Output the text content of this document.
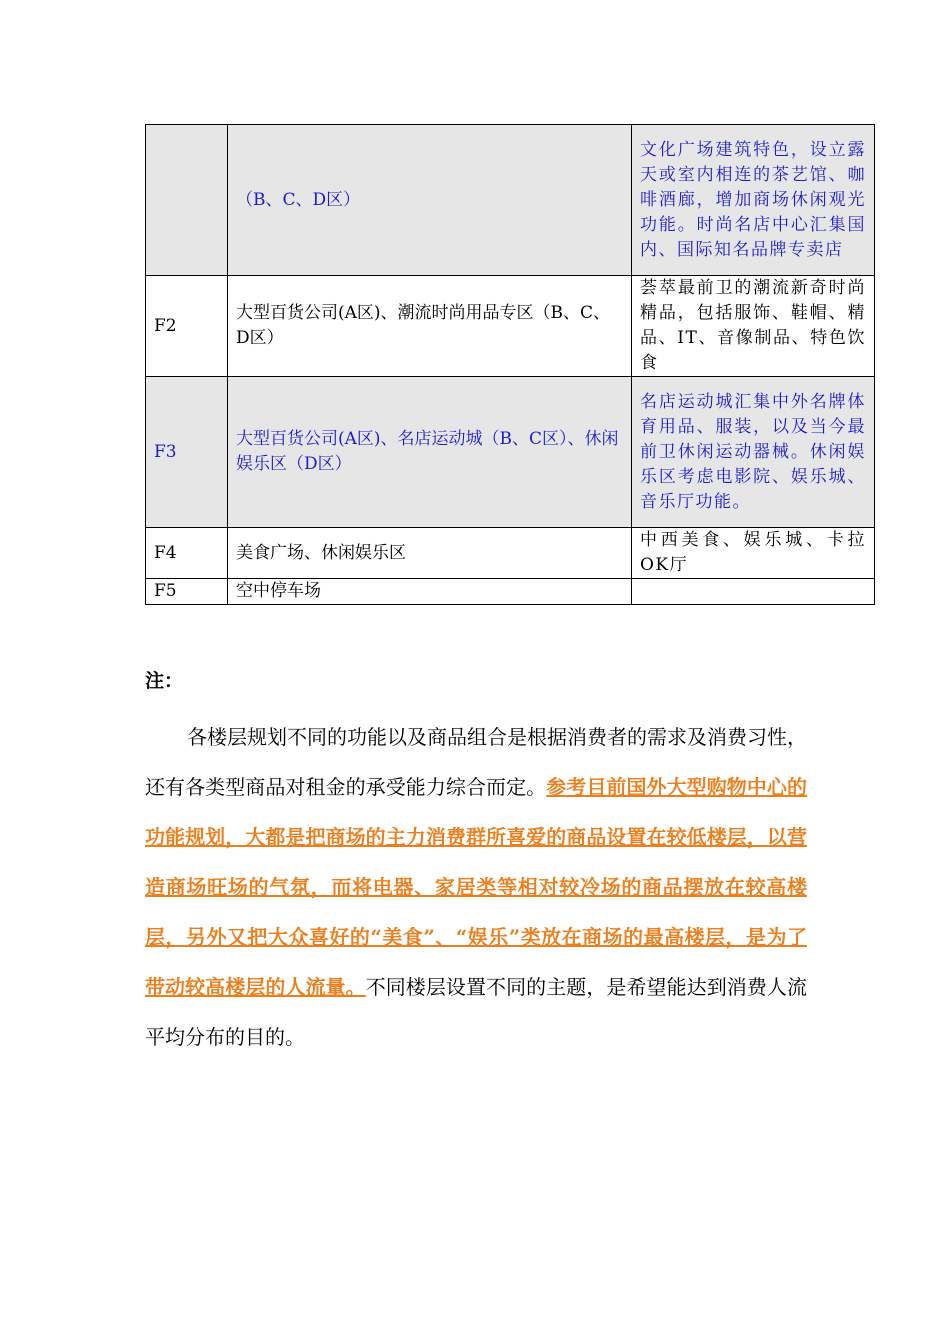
	（B、C、D区）	文化广场建筑特色，设立露天或室内相连的茶艺馆、咖啡酒廊，增加商场休闲观光功能。时尚名店中心汇集国内、国际知名品牌专卖店
F2	大型百货公司(A区)、潮流时尚用品专区（B、C、D区）	荟萃最前卫的潮流新奇时尚精品，包括服饰、鞋帽、精品、IT、音像制品、特色饮食
F3	大型百货公司(A区)、名店运动城（B、C区）、休闲娱乐区（D区）	名店运动城汇集中外名牌体育用品、服装，以及当今最前卫休闲运动器械。休闲娱乐区考虑电影院、娱乐城、音乐厅功能。
F4	美食广场、休闲娱乐区	中西美食、娱乐城、卡拉OK厅
F5	空中停车场	
注：
各楼层规划不同的功能以及商品组合是根据消费者的需求及消费习性，还有各类型商品对租金的承受能力综合而定。参考目前国外大型购物中心的功能规划，大都是把商场的主力消费群所喜爱的商品设置在较低楼层，以营造商场旺场的气氛，而将电器、家居类等相对较冷场的商品摆放在较高楼层，另外又把大众喜好的“美食”、“娱乐”类放在商场的最高楼层，是为了带动较高楼层的人流量。不同楼层设置不同的主题，是希望能达到消费人流平均分布的目的。
